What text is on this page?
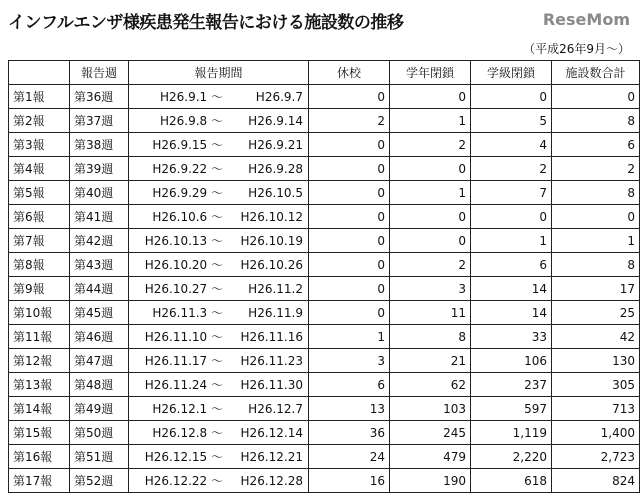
インフルエンザ様疾患発生報告における施設数の推移	ReseMom
（平成26年9月～）
	報告週	報告期間	休校	学年閉鎖	学級閉鎖	施設数合計
第1報	第36週	H26.9.1 ～ H26.9.7	0	0	0	0
第2報	第37週	H26.9.8 ～ H26.9.14	2	1	5	8
第3報	第38週	H26.9.15 ～ H26.9.21	0	2	4	6
第4報	第39週	H26.9.22 ～ H26.9.28	0	0	2	2
第5報	第40週	H26.9.29 ～ H26.10.5	0	1	7	8
第6報	第41週	H26.10.6 ～ H26.10.12	0	0	0	0
第7報	第42週	H26.10.13 ～ H26.10.19	0	0	1	1
第8報	第43週	H26.10.20 ～ H26.10.26	0	2	6	8
第9報	第44週	H26.10.27 ～ H26.11.2	0	3	14	17
第10報	第45週	H26.11.3 ～ H26.11.9	0	11	14	25
第11報	第46週	H26.11.10 ～ H26.11.16	1	8	33	42
第12報	第47週	H26.11.17 ～ H26.11.23	3	21	106	130
第13報	第48週	H26.11.24 ～ H26.11.30	6	62	237	305
第14報	第49週	H26.12.1 ～ H26.12.7	13	103	597	713
第15報	第50週	H26.12.8 ～ H26.12.14	36	245	1,119	1,400
第16報	第51週	H26.12.15 ～ H26.12.21	24	479	2,220	2,723
第17報	第52週	H26.12.22 ～ H26.12.28	16	190	618	824
